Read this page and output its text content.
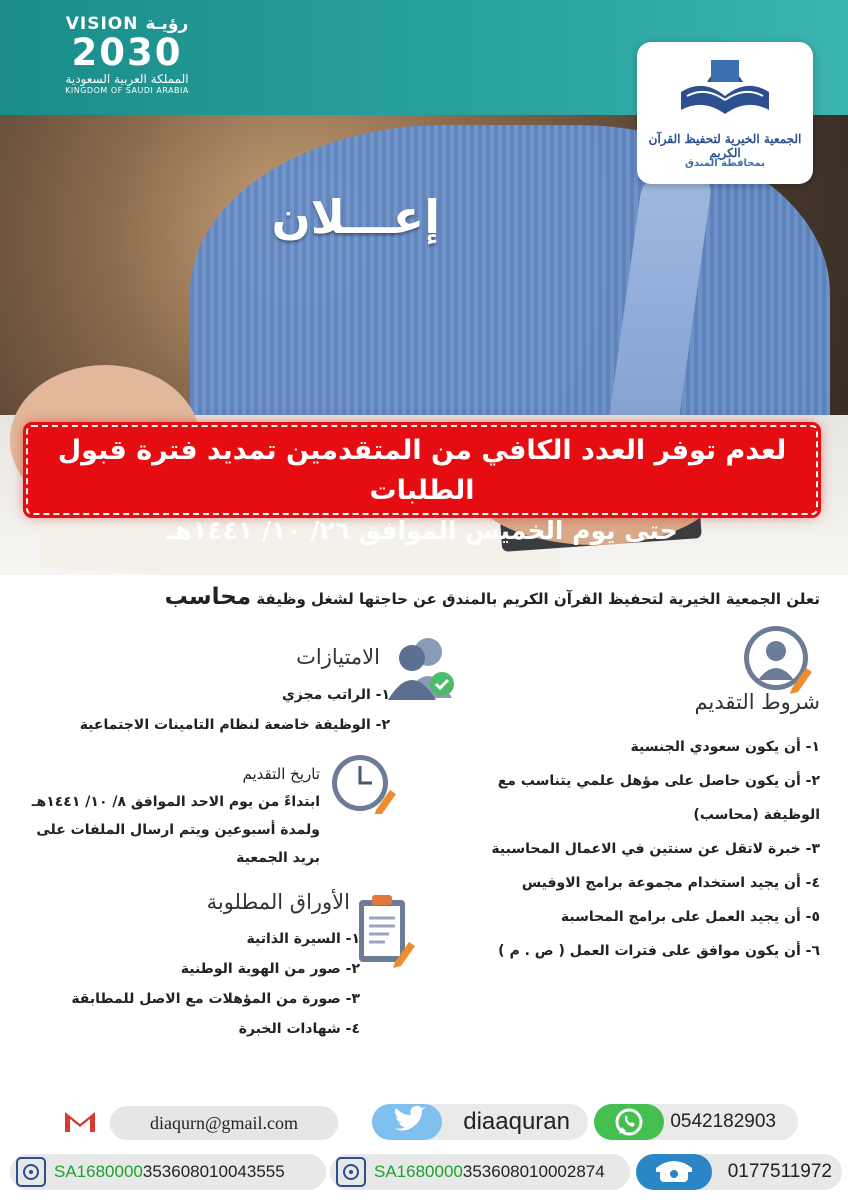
VISION رؤيـة
2030
المملكة العربية السعودية
KINGDOM OF SAUDI ARABIA
الجمعية الخيرية لتحفيظ القرآن الكريم
بمحافظة المندق
إعـــلان
لعدم توفر العدد الكافي من المتقدمين تمديد فترة قبول الطلبات
حتى يوم الخميس الموافق ٢٦/ ١٠/ ١٤٤١هـ
تعلن الجمعية الخيرية لتحفيظ القرآن الكريم بالمندق عن حاجتها لشغل وظيفة محاسب
الامتيازات
١- الراتب مجزي
٢- الوظيفة خاضعة لنظام التامينات الاجتماعية
شروط التقديم
١- أن يكون سعودي الجنسية
٢- أن يكون حاصل على مؤهل علمي يتناسب مع
الوظيفة (محاسب)
٣- خبرة لاتقل عن سنتين في الاعمال المحاسبية
٤- أن يجيد استخدام مجموعة برامج الاوفيس
٥- أن يجيد العمل على برامج المحاسبة
٦- أن يكون موافق على فترات العمل ( ص . م )
تاريخ التقديم
ابتداءً من يوم الاحد الموافق ٨/ ١٠/ ١٤٤١هـ
ولمدة أسبوعين ويتم ارسال الملفات على
بريد الجمعية
الأوراق المطلوبة
١- السيرة الذاتية
٢- صور من الهوية الوطنية
٣- صورة من المؤهلات مع الاصل للمطابقة
٤- شهادات الخبرة
diaqurn@gmail.com	diaaquran	0542182903
SA1680000 353608010043555	SA1680000 353608010002874	0177511972
